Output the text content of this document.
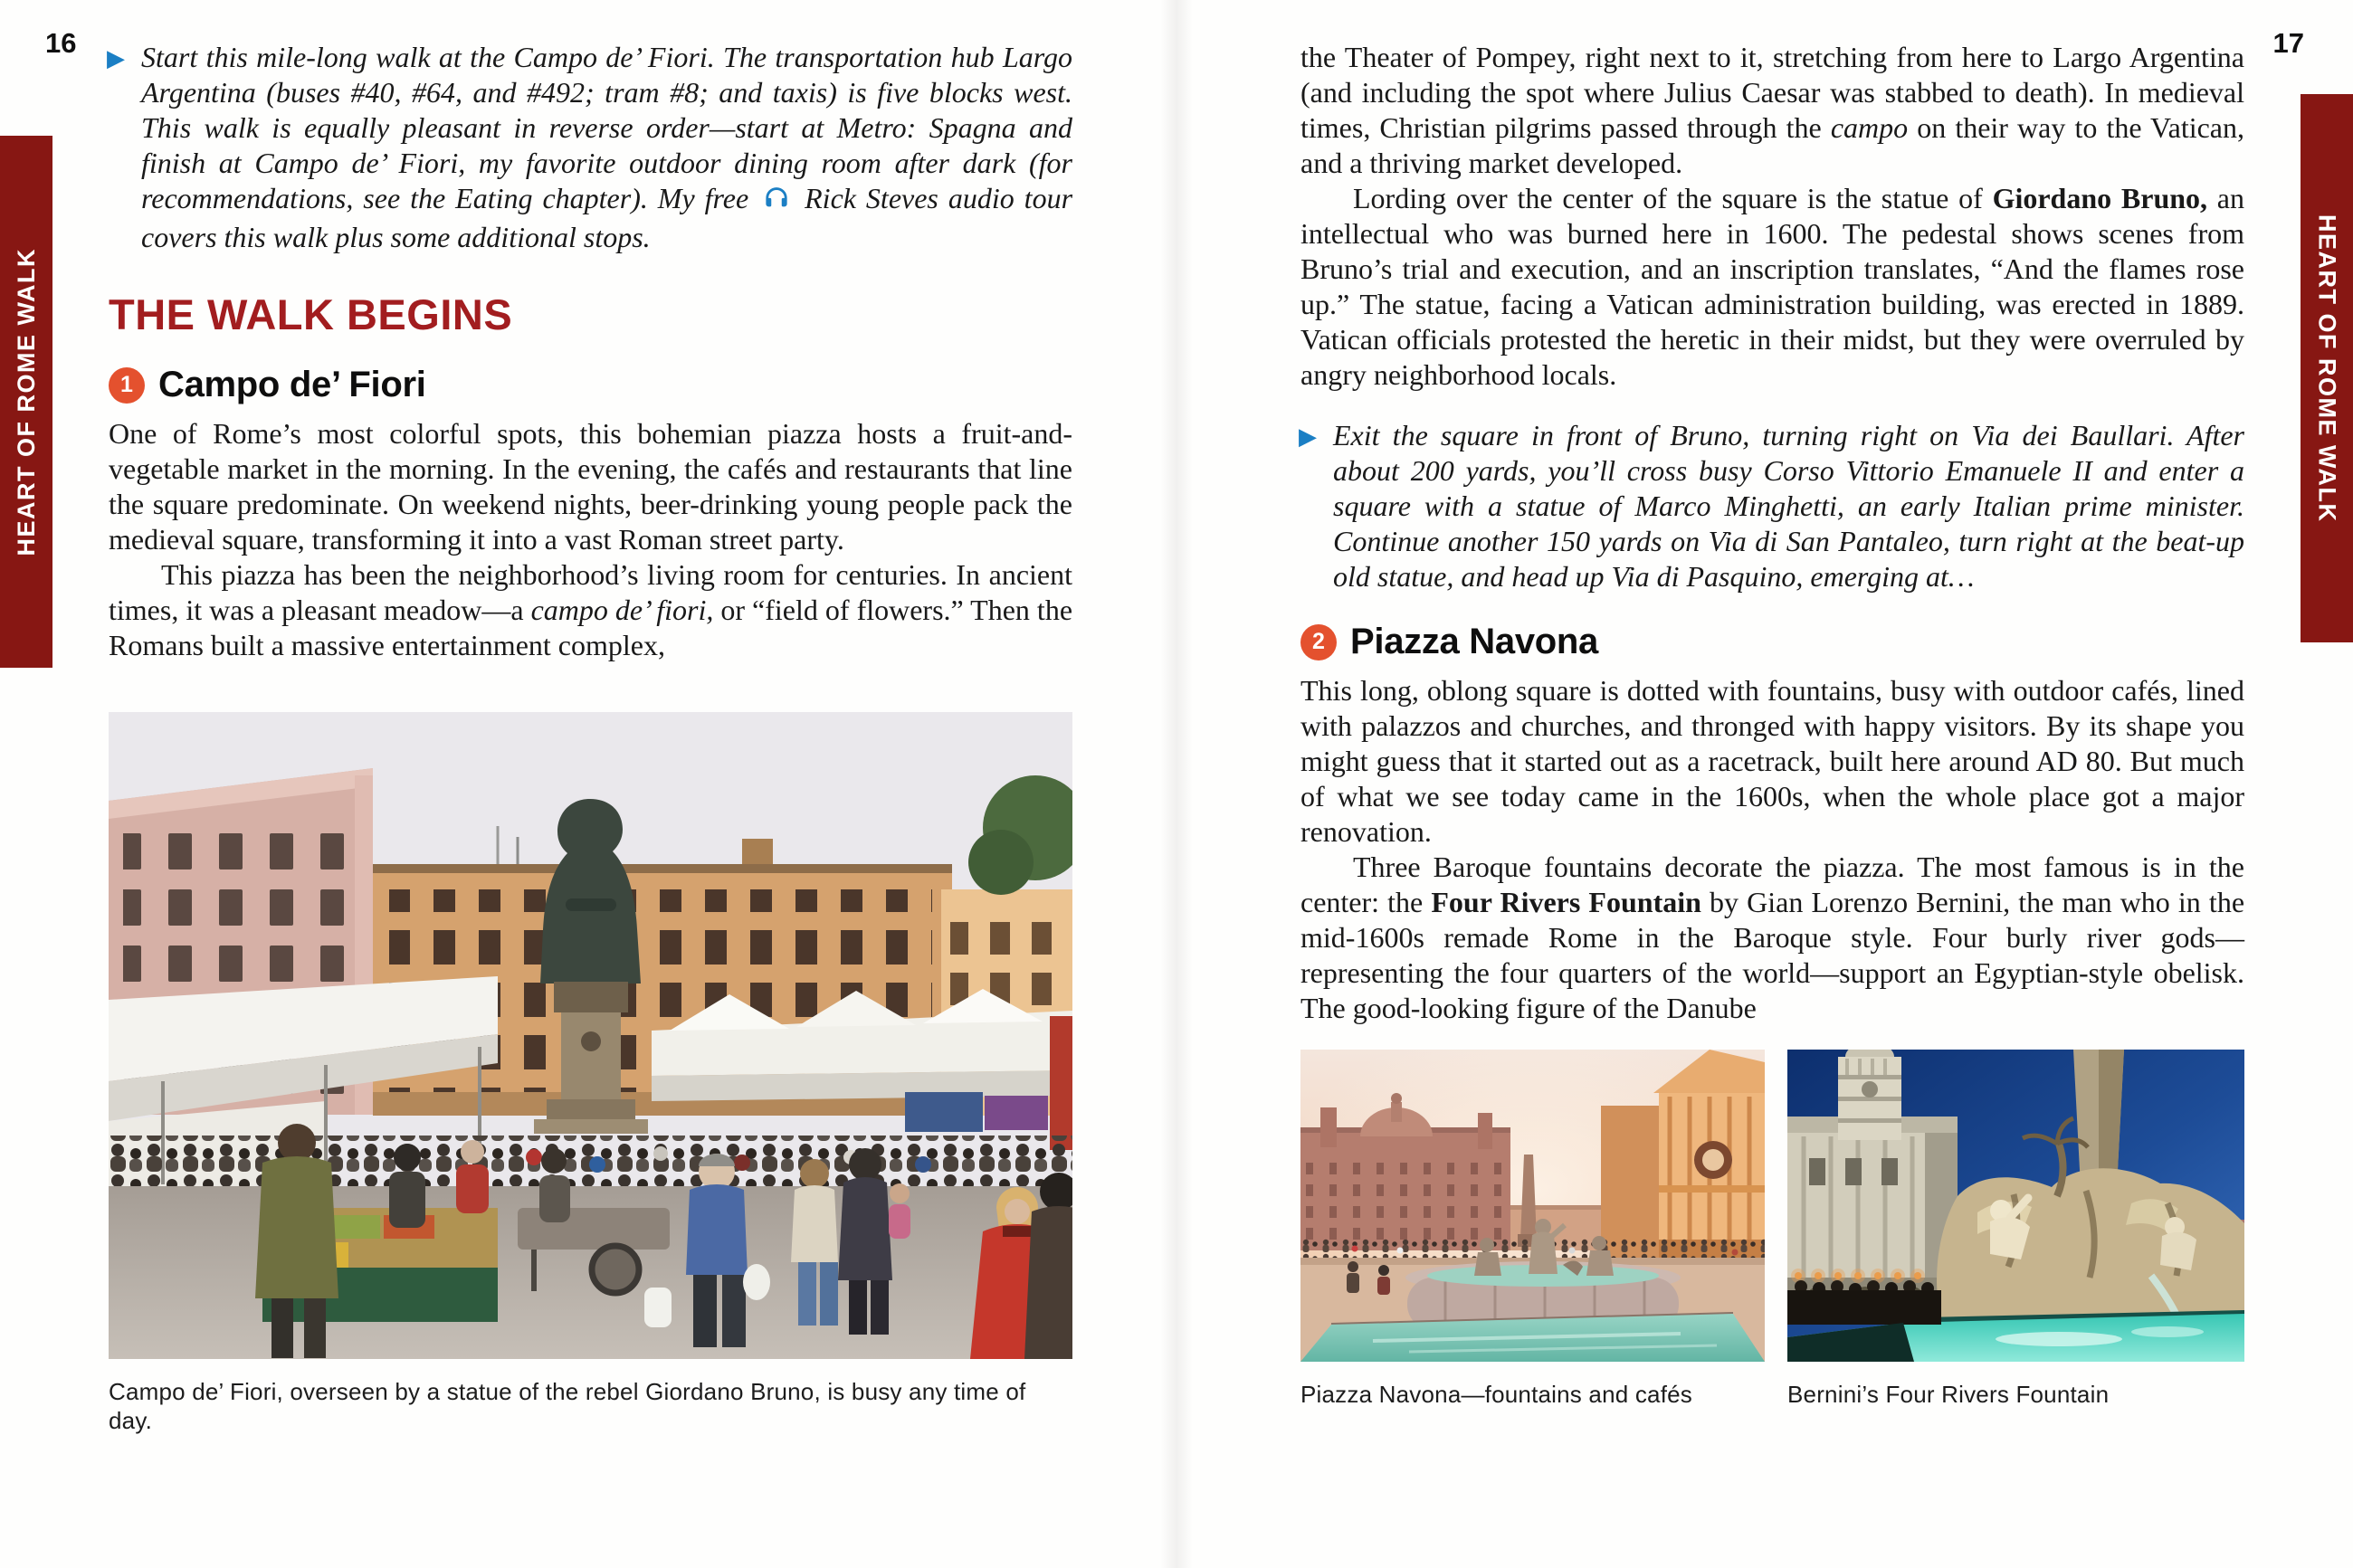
16
HEART OF ROME WALK
▶ Start this mile-long walk at the Campo de’ Fiori. The transportation hub Largo Argentina (buses #40, #64, and #492; tram #8; and taxis) is five blocks west. This walk is equally pleasant in reverse order—start at Metro: Spagna and finish at Campo de’ Fiori, my favorite outdoor dining room after dark (for recommendations, see the Eating chapter). My free Rick Steves audio tour covers this walk plus some additional stops.

THE WALK BEGINS
1 Campo de’ Fiori

One of Rome’s most colorful spots, this bohemian piazza hosts a fruit-and-vegetable market in the morning. In the evening, the cafés and restaurants that line the square predominate. On weekend nights, beer-drinking young people pack the medieval square, transforming it into a vast Roman street party.

This piazza has been the neighborhood’s living room for centuries. In ancient times, it was a pleasant meadow—a campo de’ fiori, or “field of flowers.” Then the Romans built a massive entertainment complex,

Campo de’ Fiori, overseen by a statue of the rebel Giordano Bruno, is busy any time of day.
17
HEART OF ROME WALK

the Theater of Pompey, right next to it, stretching from here to Largo Argentina (and including the spot where Julius Caesar was stabbed to death). In medieval times, Christian pilgrims passed through the campo on their way to the Vatican, and a thriving market developed.

Lording over the center of the square is the statue of Giordano Bruno, an intellectual who was burned here in 1600. The pedestal shows scenes from Bruno’s trial and execution, and an inscription translates, “And the flames rose up.” The statue, facing a Vatican administration building, was erected in 1889. Vatican officials protested the heretic in their midst, but they were overruled by angry neighborhood locals.

▶ Exit the square in front of Bruno, turning right on Via dei Baullari. After about 200 yards, you’ll cross busy Corso Vittorio Emanuele II and enter a square with a statue of Marco Minghetti, an early Italian prime minister. Continue another 150 yards on Via di San Pantaleo, turn right at the beat-up old statue, and head up Via di Pasquino, emerging at…

2 Piazza Navona

This long, oblong square is dotted with fountains, busy with outdoor cafés, lined with palazzos and churches, and thronged with happy visitors. By its shape you might guess that it started out as a racetrack, built here around AD 80. But much of what we see today came in the 1600s, when the whole place got a major renovation.

Three Baroque fountains decorate the piazza. The most famous is in the center: the Four Rivers Fountain by Gian Lorenzo Bernini, the man who in the mid-1600s remade Rome in the Baroque style. Four burly river gods—representing the four quarters of the world—support an Egyptian-style obelisk. The good-looking figure of the Danube

Piazza Navona—fountains and cafés	Bernini’s Four Rivers Fountain
